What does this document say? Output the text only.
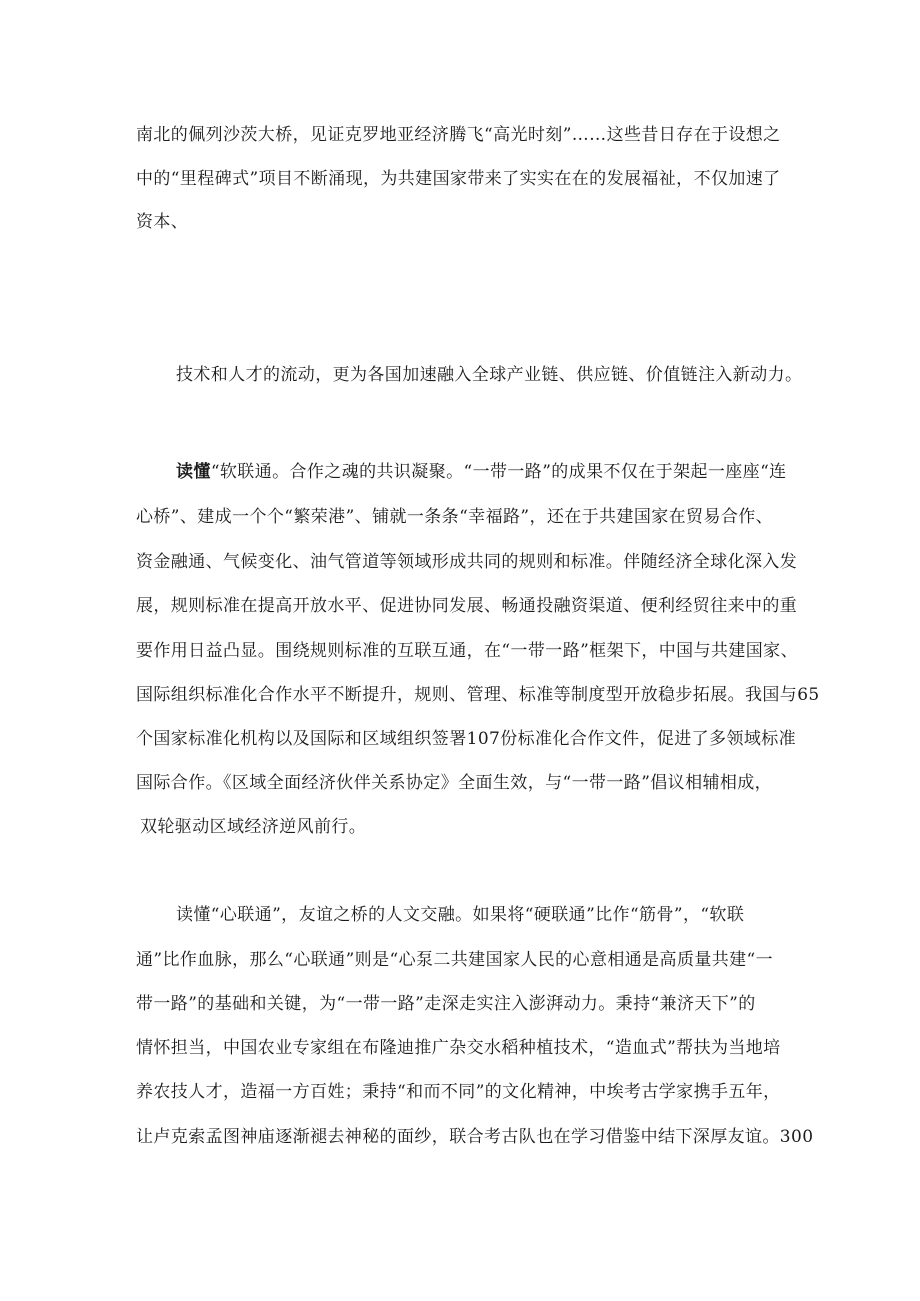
南北的佩列沙茨大桥，见证克罗地亚经济腾飞“高光时刻”……这些昔日存在于设想之
中的“里程碑式”项目不断涌现，为共建国家带来了实实在在的发展福祉，不仅加速了
资本、
技术和人才的流动，更为各国加速融入全球产业链、供应链、价值链注入新动力。
读懂“软联通。合作之魂的共识凝聚。“一带一路”的成果不仅在于架起一座座“连
心桥”、建成一个个“繁荣港”、铺就一条条“幸福路”，还在于共建国家在贸易合作、
资金融通、气候变化、油气管道等领域形成共同的规则和标准。伴随经济全球化深入发
展，规则标准在提高开放水平、促进协同发展、畅通投融资渠道、便利经贸往来中的重
要作用日益凸显。围绕规则标准的互联互通，在“一带一路”框架下，中国与共建国家、
国际组织标准化合作水平不断提升，规则、管理、标准等制度型开放稳步拓展。我国与65
个国家标准化机构以及国际和区域组织签署107份标准化合作文件，促进了多领域标准
国际合作。《区域全面经济伙伴关系协定》全面生效，与“一带一路”倡议相辅相成，
双轮驱动区域经济逆风前行。
读懂“心联通”，友谊之桥的人文交融。如果将“硬联通”比作“筋骨”，“软联
通”比作血脉，那么“心联通”则是“心泵二共建国家人民的心意相通是高质量共建“一
带一路”的基础和关键，为“一带一路”走深走实注入澎湃动力。秉持“兼济天下”的
情怀担当，中国农业专家组在布隆迪推广杂交水稻种植技术，“造血式”帮扶为当地培
养农技人才，造福一方百姓；秉持“和而不同”的文化精神，中埃考古学家携手五年，
让卢克索孟图神庙逐渐褪去神秘的面纱，联合考古队也在学习借鉴中结下深厚友谊。300
